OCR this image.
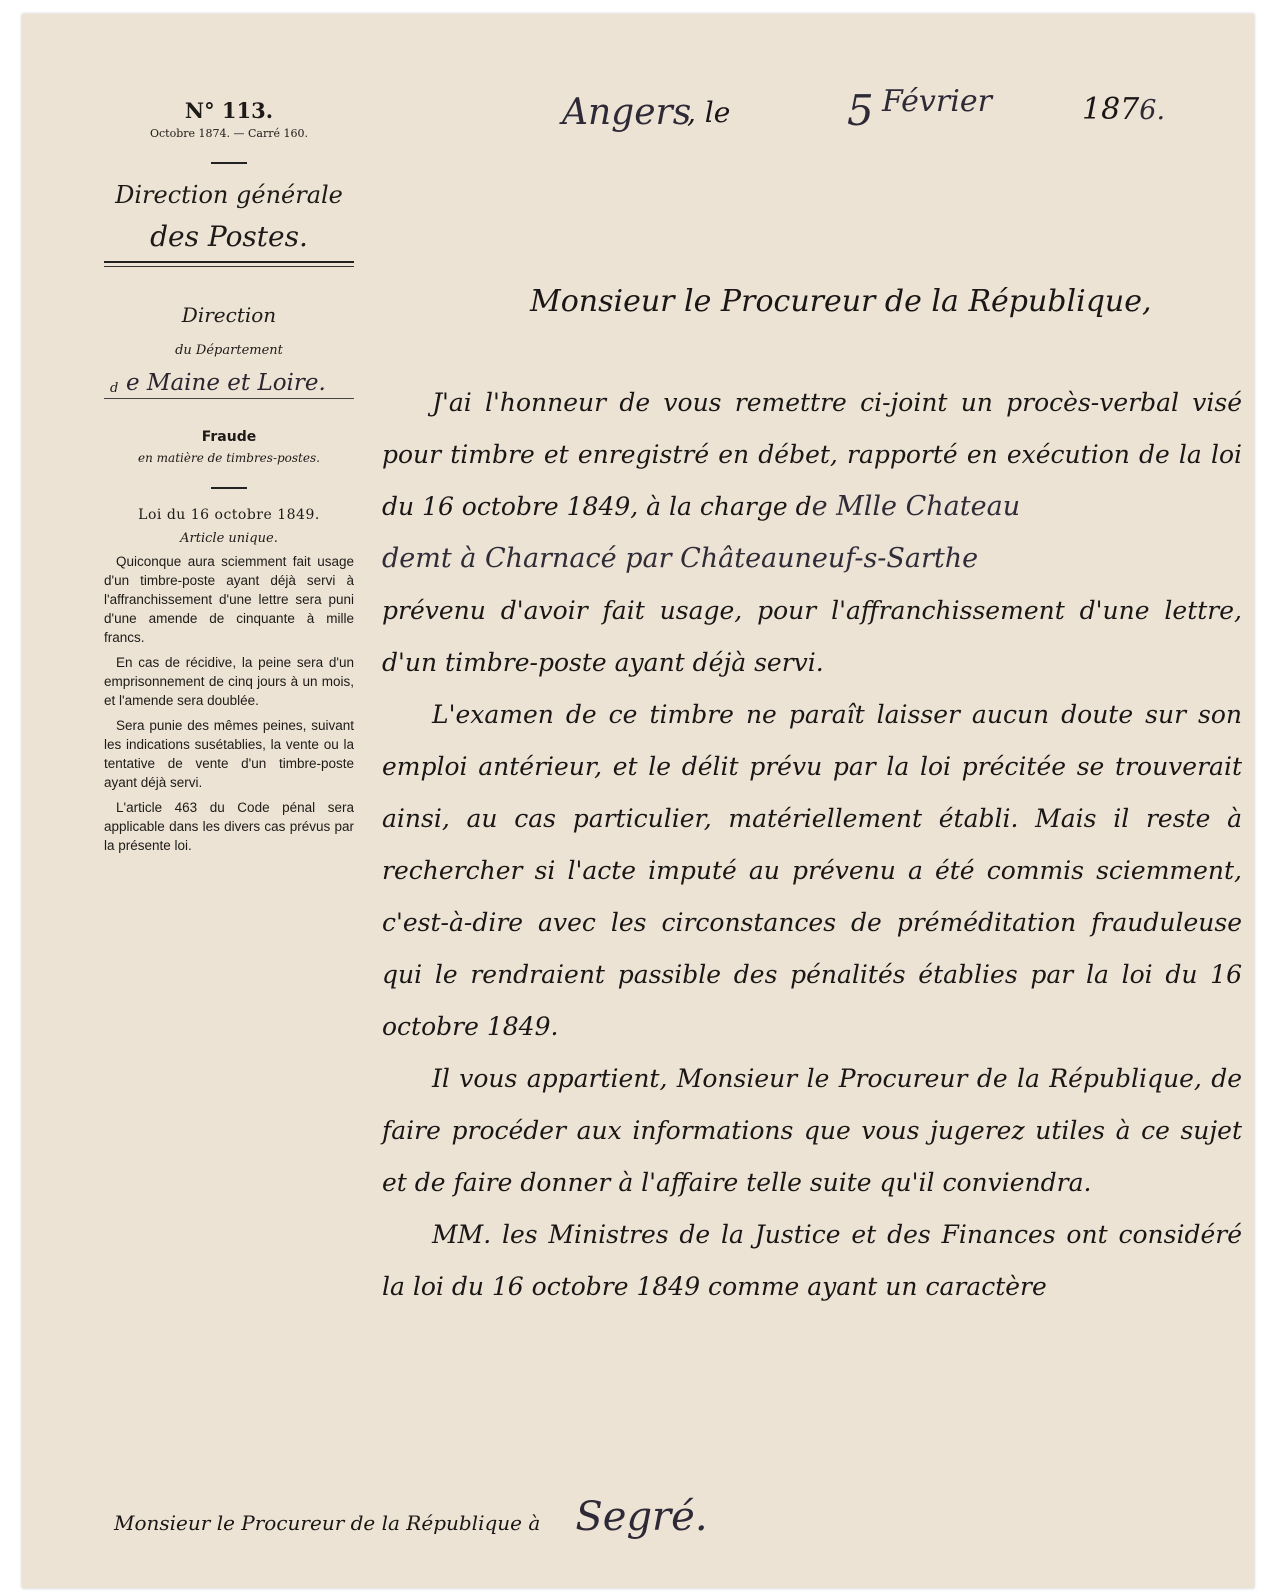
N° 113.
Octobre 1874. — Carré 160.
Direction générale
des Postes.
Direction
du Département
d e Maine et Loire.
Fraude
en matière de timbres-postes.
Loi du 16 octobre 1849.
Article unique.

Quiconque aura sciemment fait usage d'un timbre-poste ayant déjà servi à l'affranchissement d'une lettre sera puni d'une amende de cinquante à mille francs.

En cas de récidive, la peine sera d'un emprisonnement de cinq jours à un mois, et l'amende sera doublée.

Sera punie des mêmes peines, suivant les indications susétablies, la vente ou la tentative de vente d'un timbre-poste ayant déjà servi.

L'article 463 du Code pénal sera applicable dans les divers cas prévus par la présente loi.

Angers
, le	5 Février	1876.
Monsieur le Procureur de la République,

J'ai l'honneur de vous remettre ci-joint un procès-verbal visé pour timbre et enregistré en débet, rapporté en exécution de la loi du 16 octobre 1849, à la charge de Mlle Chateau
demt à Charnacé par Châteauneuf-s-Sarthe
prévenu d'avoir fait usage, pour l'affranchissement d'une lettre, d'un timbre-poste ayant déjà servi.

L'examen de ce timbre ne paraît laisser aucun doute sur son emploi antérieur, et le délit prévu par la loi précitée se trouverait ainsi, au cas particulier, matériellement établi. Mais il reste à rechercher si l'acte imputé au prévenu a été commis sciemment, c'est-à-dire avec les circonstances de préméditation frauduleuse qui le rendraient passible des pénalités établies par la loi du 16 octobre 1849.

Il vous appartient, Monsieur le Procureur de la République, de faire procéder aux informations que vous jugerez utiles à ce sujet et de faire donner à l'affaire telle suite qu'il conviendra.

MM. les Ministres de la Justice et des Finances ont considéré la loi du 16 octobre 1849 comme ayant un caractère

Monsieur le Procureur de la République à Segré.
